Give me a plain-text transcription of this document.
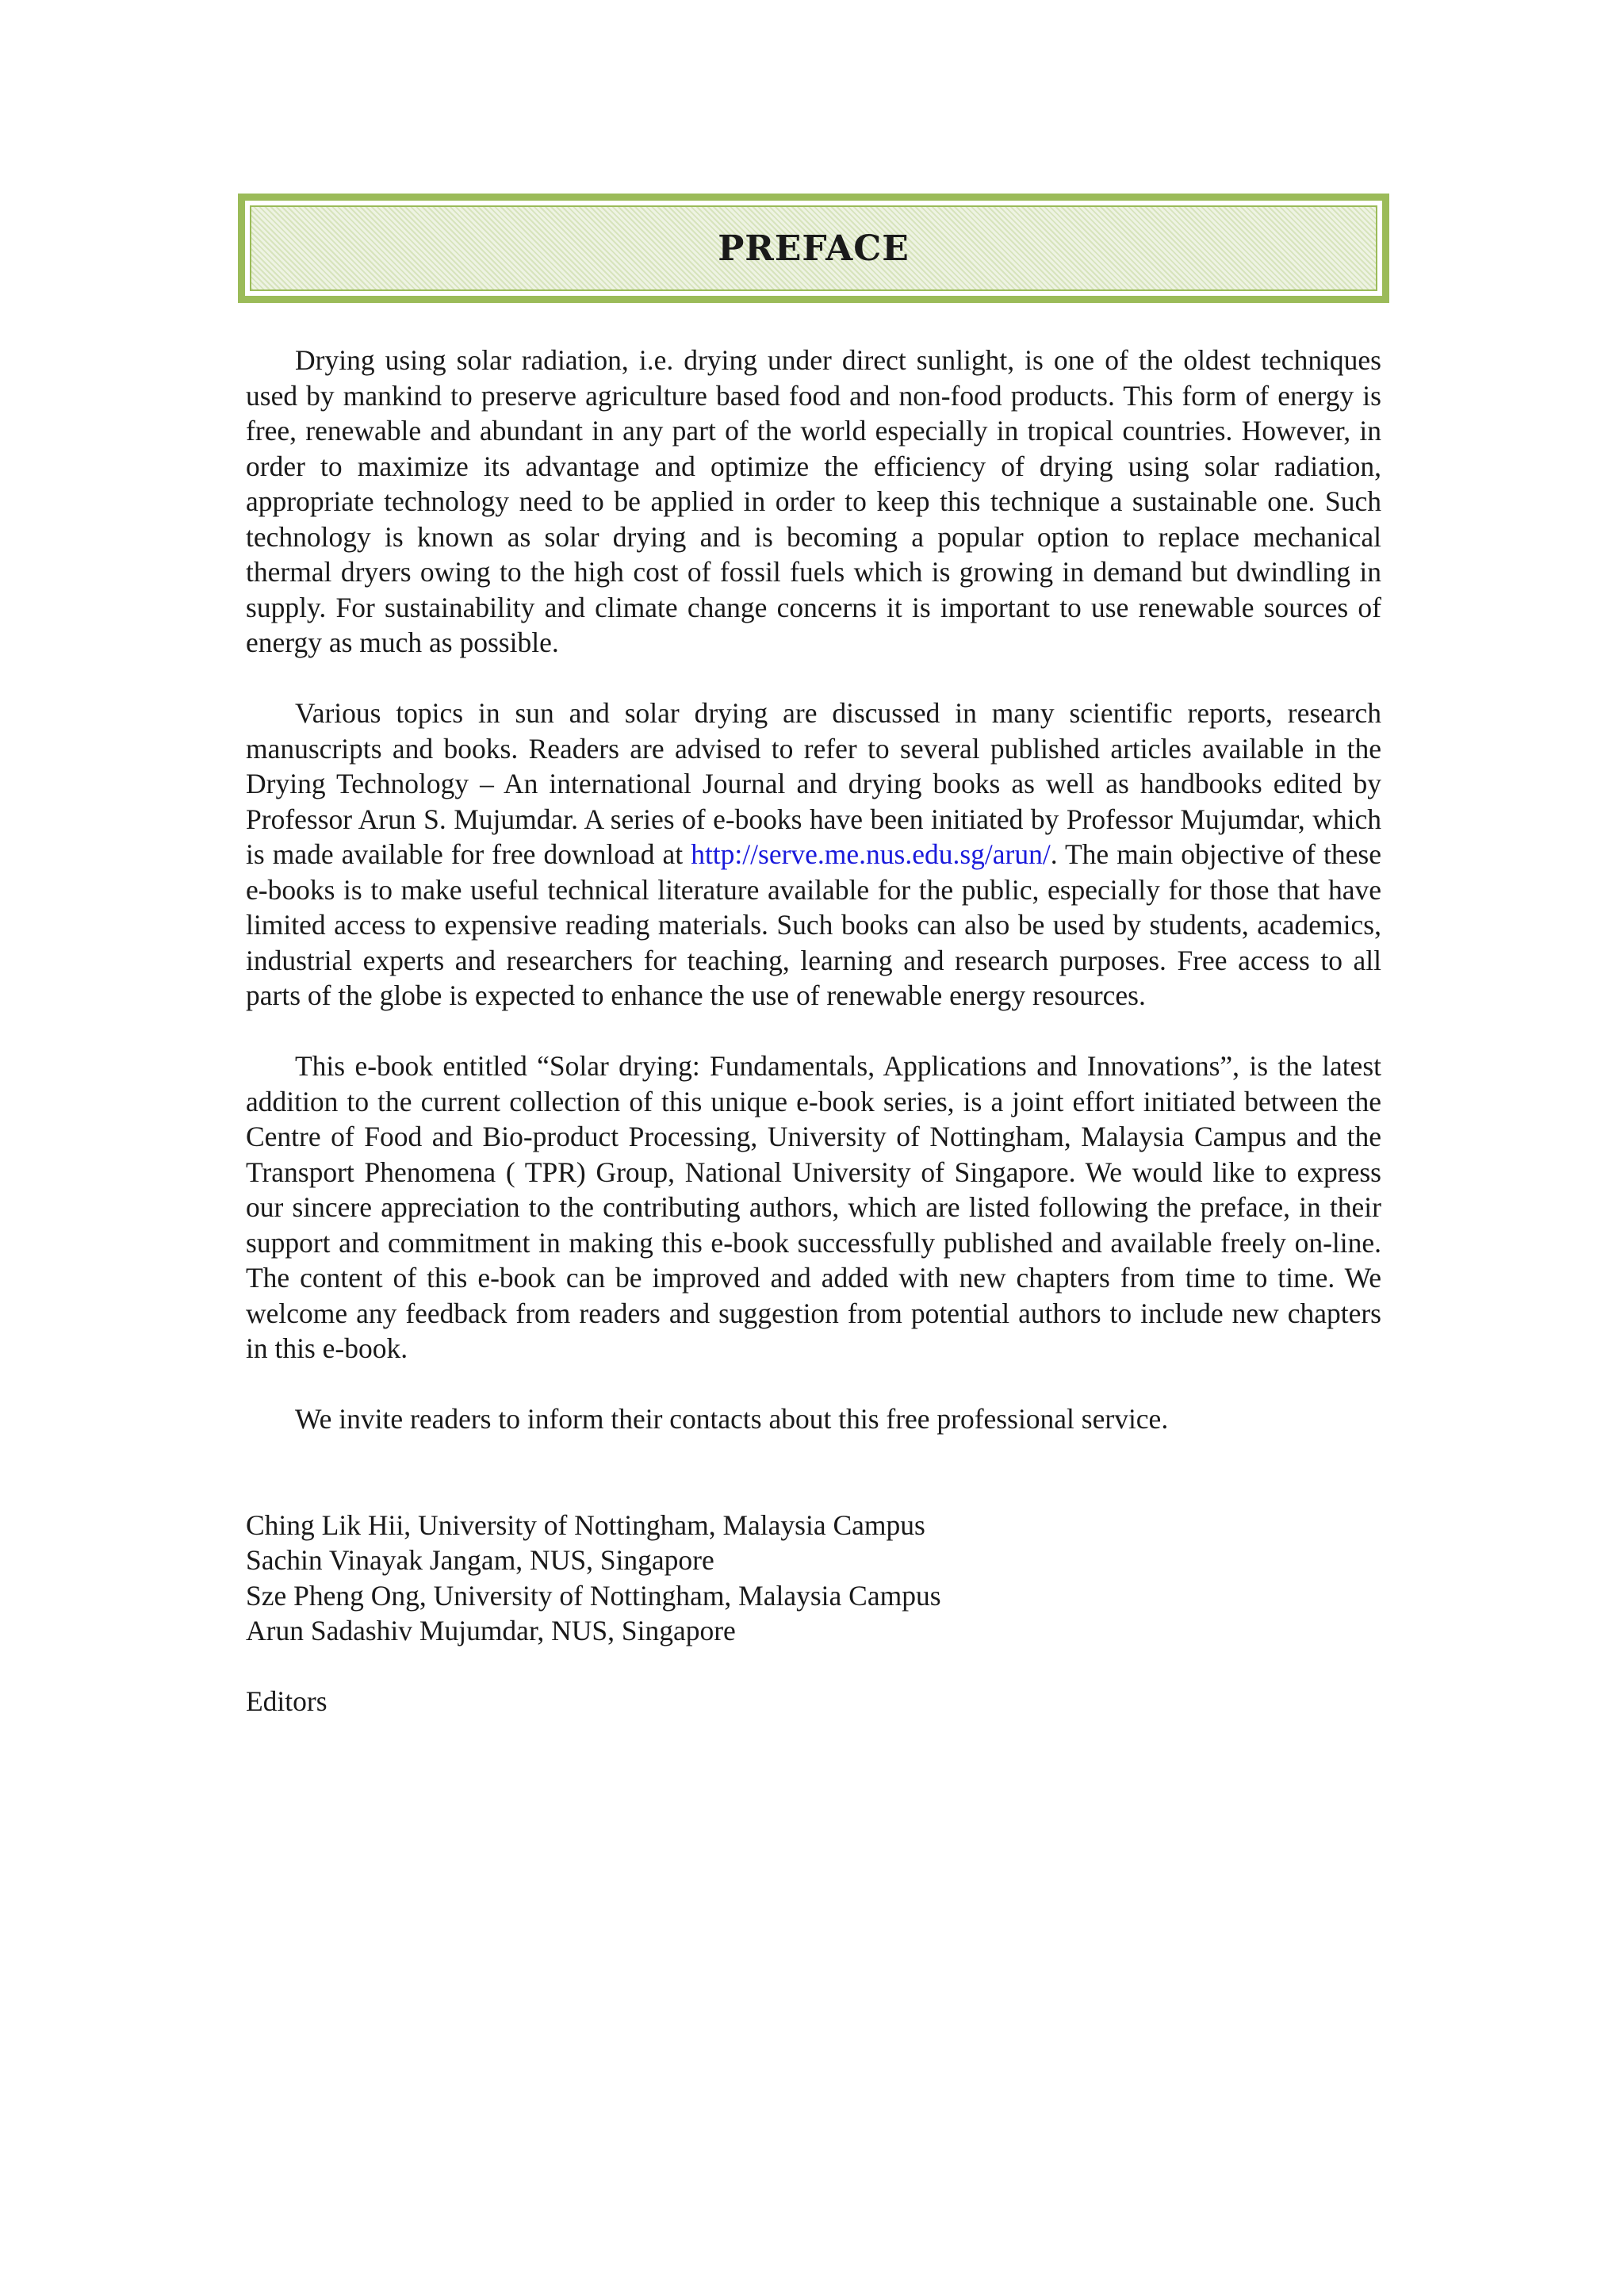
PREFACE

Drying using solar radiation, i.e. drying under direct sunlight, is one of the oldest techniques used by mankind to preserve agriculture based food and non-food products. This form of energy is free, renewable and abundant in any part of the world especially in tropical countries. However, in order to maximize its advantage and optimize the efficiency of drying using solar radiation, appropriate technology need to be applied in order to keep this technique a sustainable one. Such technology is known as solar drying and is becoming a popular option to replace mechanical thermal dryers owing to the high cost of fossil fuels which is growing in demand but dwindling in supply. For sustainability and climate change concerns it is important to use renewable sources of energy as much as possible.

Various topics in sun and solar drying are discussed in many scientific reports, research manuscripts and books. Readers are advised to refer to several published articles available in the Drying Technology – An international Journal and drying books as well as handbooks edited by Professor Arun S. Mujumdar. A series of e-books have been initiated by Professor Mujumdar, which is made available for free download at http://serve.me.nus.edu.sg/arun/. The main objective of these e-books is to make useful technical literature available for the public, especially for those that have limited access to expensive reading materials. Such books can also be used by students, academics, industrial experts and researchers for teaching, learning and research purposes. Free access to all parts of the globe is expected to enhance the use of renewable energy resources.

This e-book entitled “Solar drying: Fundamentals, Applications and Innovations”, is the latest addition to the current collection of this unique e-book series, is a joint effort initiated between the Centre of Food and Bio-product Processing, University of Nottingham, Malaysia Campus and the Transport Phenomena ( TPR) Group, National University of Singapore. We would like to express our sincere appreciation to the contributing authors, which are listed following the preface, in their support and commitment in making this e-book successfully published and available freely on-line. The content of this e-book can be improved and added with new chapters from time to time. We welcome any feedback from readers and suggestion from potential authors to include new chapters in this e-book.

We invite readers to inform their contacts about this free professional service.

Ching Lik Hii, University of Nottingham, Malaysia Campus
Sachin Vinayak Jangam, NUS, Singapore
Sze Pheng Ong, University of Nottingham, Malaysia Campus
Arun Sadashiv Mujumdar, NUS, Singapore
Editors
